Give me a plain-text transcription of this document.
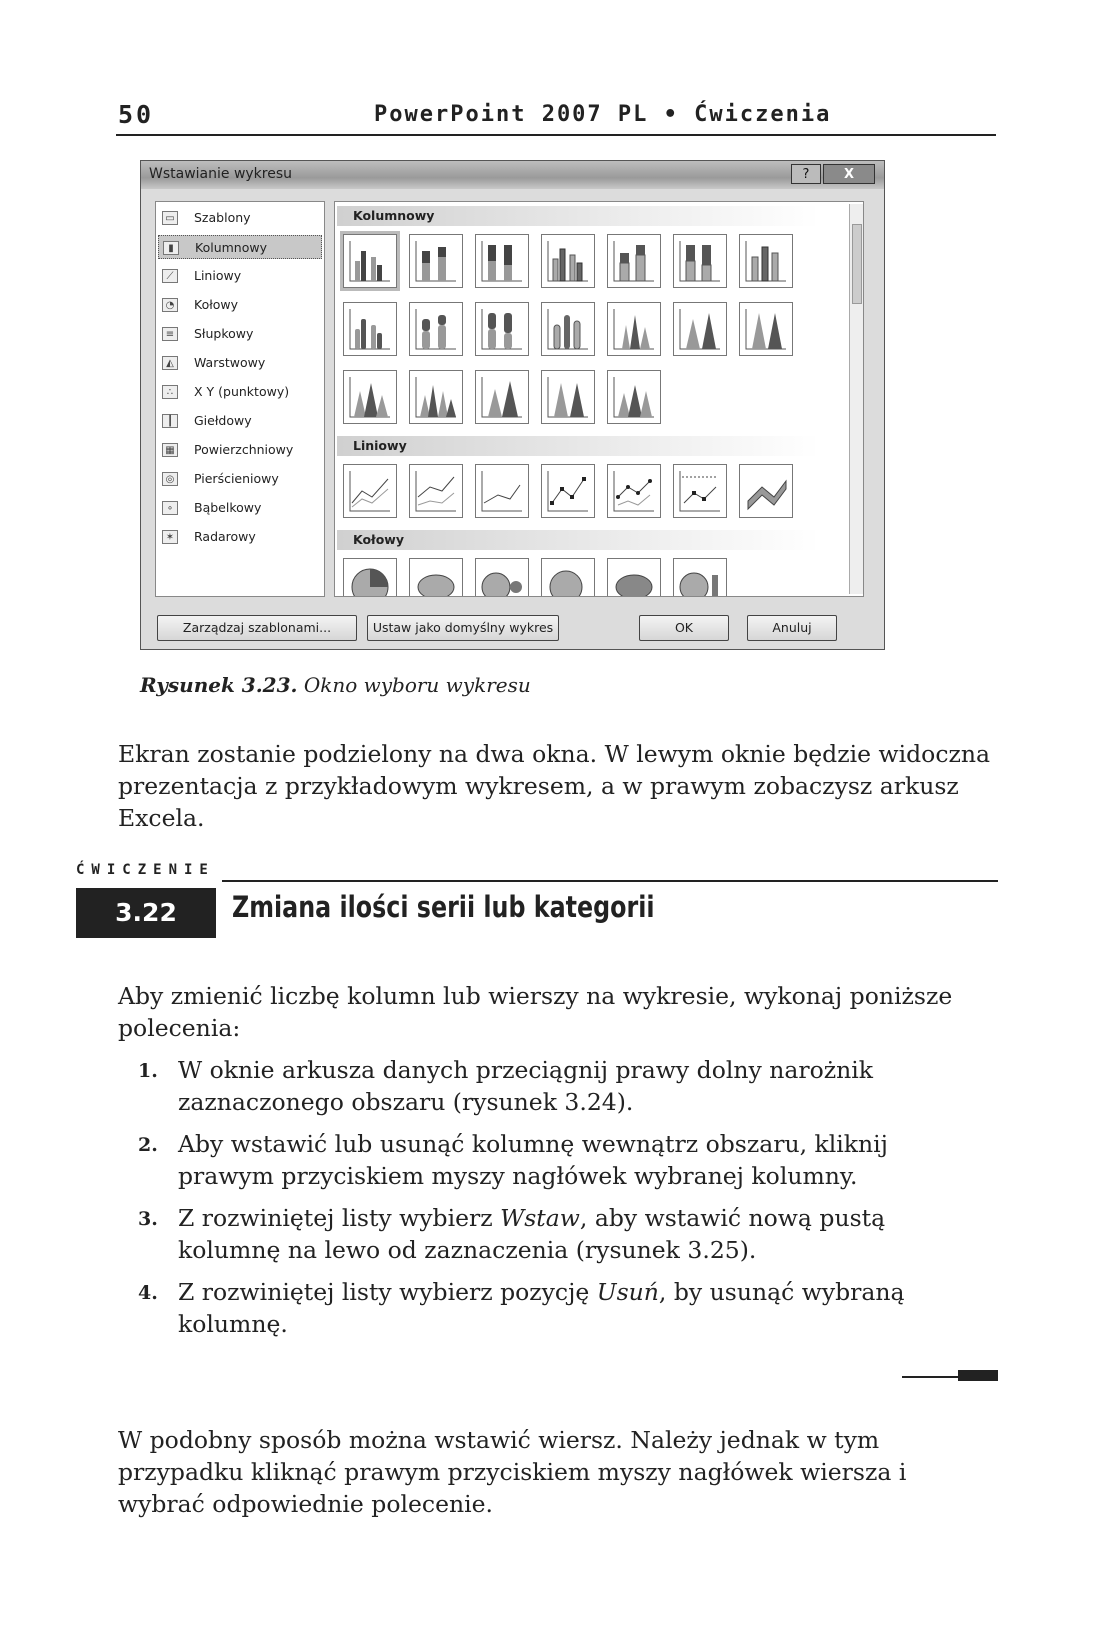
50	PowerPoint 2007 PL • Ćwiczenia
Wstawianie wykresu	?	X
▭ Szablony
▮	Kolumnowy
⟋	Liniowy
◔ Kołowy
≡	Słupkowy
◭	Warstwowy
∴	X Y (punktowy)
┃	Giełdowy
▦ Powierzchniowy
◎ Pierścieniowy
∘	Bąbelkowy
✶	Radarowy
Kolumnowy
Liniowy
Kołowy
Zarządzaj szablonami...	Ustaw jako domyślny wykres	OK	Anuluj
Rysunek 3.23. Okno wyboru wykresu
Ekran zostanie podzielony na dwa okna. W lewym oknie będzie widoczna prezentacja z przykładowym wykresem, a w prawym zobaczysz arkusz Excela.
ĆWICZENIE
3.22	Zmiana ilości serii lub kategorii
Aby zmienić liczbę kolumn lub wierszy na wykresie, wykonaj poniższe polecenia:
1. W oknie arkusza danych przeciągnij prawy dolny narożnik zaznaczonego obszaru (rysunek 3.24).
2. Aby wstawić lub usunąć kolumnę wewnątrz obszaru, kliknij prawym przyciskiem myszy nagłówek wybranej kolumny.
3. Z rozwiniętej listy wybierz Wstaw, aby wstawić nową pustą kolumnę na lewo od zaznaczenia (rysunek 3.25).
4. Z rozwiniętej listy wybierz pozycję Usuń, by usunąć wybraną kolumnę.
W podobny sposób można wstawić wiersz. Należy jednak w tym przypadku kliknąć prawym przyciskiem myszy nagłówek wiersza i wybrać odpowiednie polecenie.
